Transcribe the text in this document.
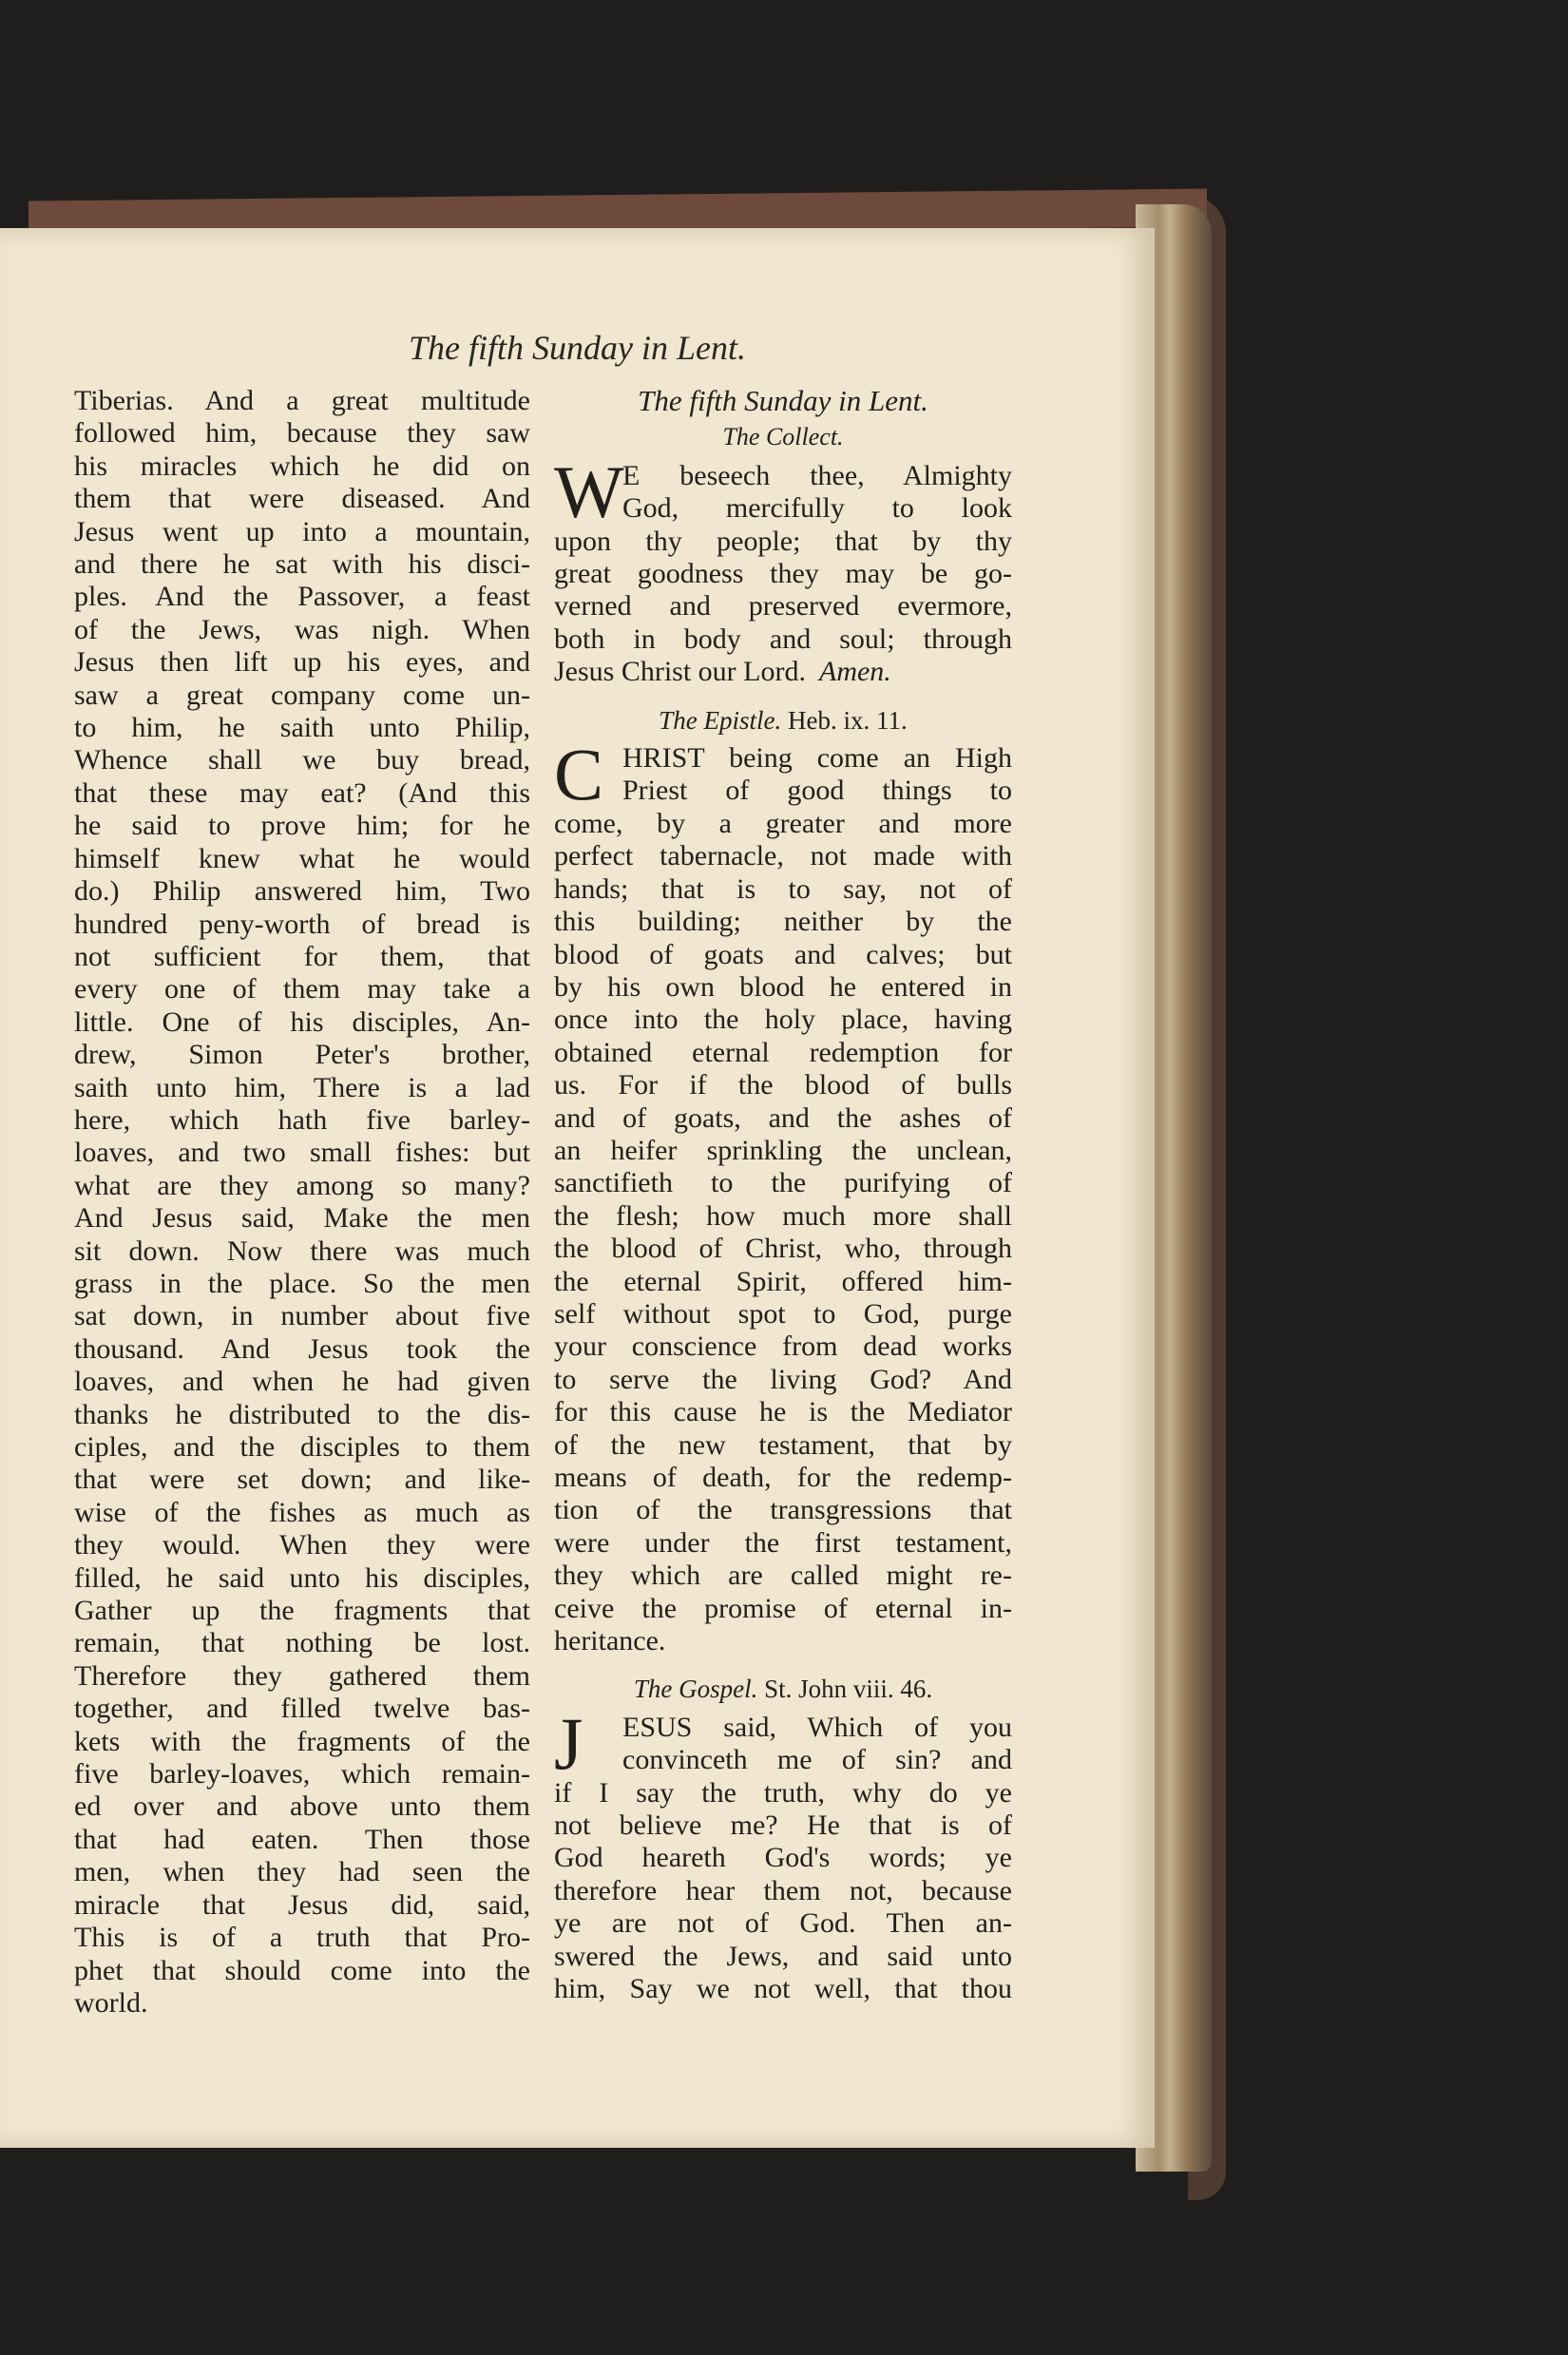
The fifth Sunday in Lent.
Tiberias. And a great multitude
followed him, because they saw
his miracles which he did on
them that were diseased. And
Jesus went up into a mountain,
and there he sat with his disci-
ples. And the Passover, a feast
of the Jews, was nigh. When
Jesus then lift up his eyes, and
saw a great company come un-
to him, he saith unto Philip,
Whence shall we buy bread,
that these may eat? (And this
he said to prove him; for he
himself knew what he would
do.) Philip answered him, Two
hundred peny-worth of bread is
not sufficient for them, that
every one of them may take a
little. One of his disciples, An-
drew, Simon Peter's brother,
saith unto him, There is a lad
here, which hath five barley-
loaves, and two small fishes: but
what are they among so many?
And Jesus said, Make the men
sit down. Now there was much
grass in the place. So the men
sat down, in number about five
thousand. And Jesus took the
loaves, and when he had given
thanks he distributed to the dis-
ciples, and the disciples to them
that were set down; and like-
wise of the fishes as much as
they would. When they were
filled, he said unto his disciples,
Gather up the fragments that
remain, that nothing be lost.
Therefore they gathered them
together, and filled twelve bas-
kets with the fragments of the
five barley-loaves, which remain-
ed over and above unto them
that had eaten. Then those
men, when they had seen the
miracle that Jesus did, said,
This is of a truth that Pro-
phet that should come into the
world.
The fifth Sunday in Lent.
The Collect.
W
E beseech thee, Almighty
God, mercifully to look
upon thy people; that by thy
great goodness they may be go-
verned and preserved evermore,
both in body and soul; through
Jesus Christ our Lord. Amen.
The Epistle. Heb. ix. 11.
C HRIST being come an High
Priest of good things to
come, by a greater and more
perfect tabernacle, not made with
hands; that is to say, not of
this building; neither by the
blood of goats and calves; but
by his own blood he entered in
once into the holy place, having
obtained eternal redemption for
us. For if the blood of bulls
and of goats, and the ashes of
an heifer sprinkling the unclean,
sanctifieth to the purifying of
the flesh; how much more shall
the blood of Christ, who, through
the eternal Spirit, offered him-
self without spot to God, purge
your conscience from dead works
to serve the living God? And
for this cause he is the Mediator
of the new testament, that by
means of death, for the redemp-
tion of the transgressions that
were under the first testament,
they which are called might re-
ceive the promise of eternal in-
heritance.
The Gospel. St. John viii. 46.
J	ESUS said, Which of you
convinceth me of sin? and
if I say the truth, why do ye
not believe me? He that is of
God heareth God's words; ye
therefore hear them not, because
ye are not of God. Then an-
swered the Jews, and said unto
him, Say we not well, that thou
